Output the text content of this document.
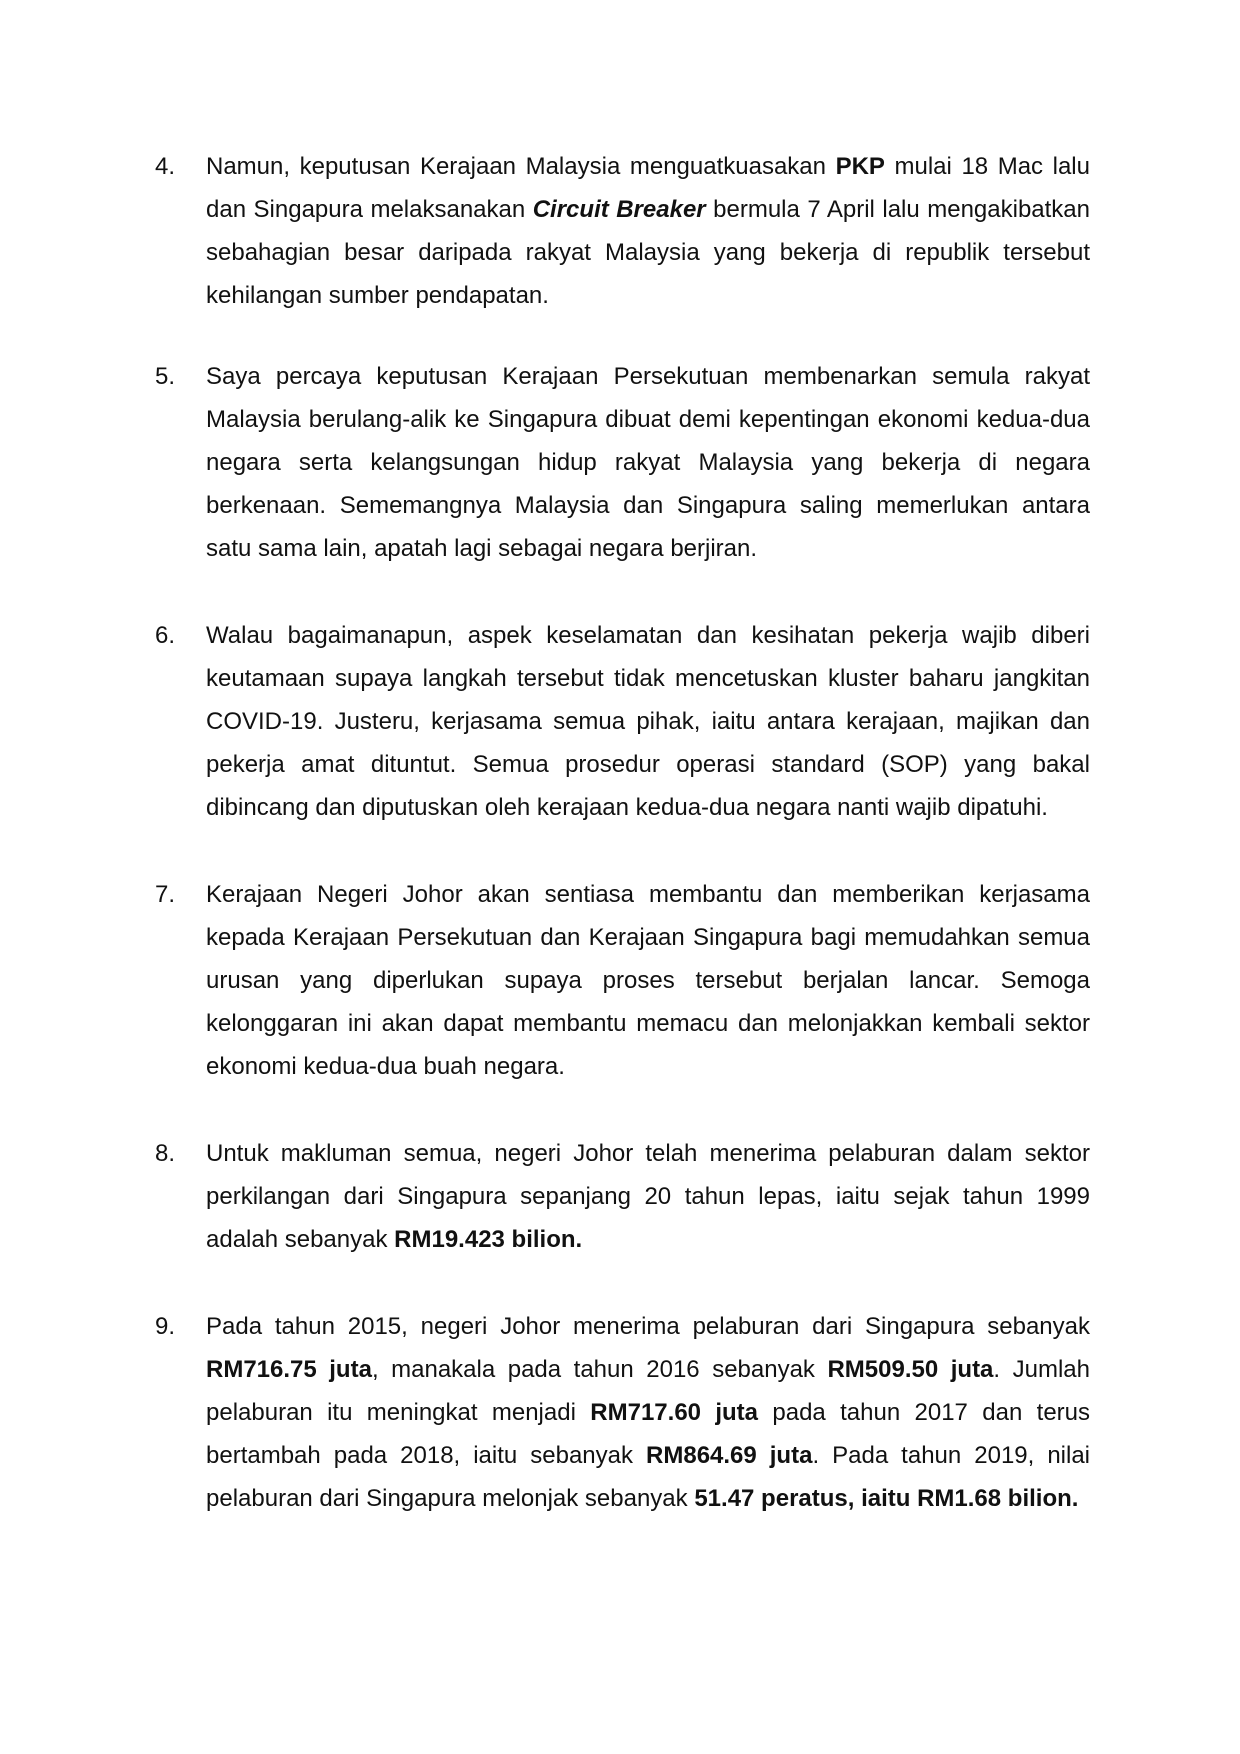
4.	Namun, keputusan Kerajaan Malaysia menguatkuasakan PKP mulai 18 Mac lalu dan Singapura melaksanakan Circuit Breaker bermula 7 April lalu mengakibatkan sebahagian besar daripada rakyat Malaysia yang bekerja di republik tersebut kehilangan sumber pendapatan.
5.	Saya percaya keputusan Kerajaan Persekutuan membenarkan semula rakyat Malaysia berulang-alik ke Singapura dibuat demi kepentingan ekonomi kedua-dua negara serta kelangsungan hidup rakyat Malaysia yang bekerja di negara berkenaan. Sememangnya Malaysia dan Singapura saling memerlukan antara satu sama lain, apatah lagi sebagai negara berjiran.
6.	Walau bagaimanapun, aspek keselamatan dan kesihatan pekerja wajib diberi keutamaan supaya langkah tersebut tidak mencetuskan kluster baharu jangkitan COVID-19. Justeru, kerjasama semua pihak, iaitu antara kerajaan, majikan dan pekerja amat dituntut. Semua prosedur operasi standard (SOP) yang bakal dibincang dan diputuskan oleh kerajaan kedua-dua negara nanti wajib dipatuhi.
7.	Kerajaan Negeri Johor akan sentiasa membantu dan memberikan kerjasama kepada Kerajaan Persekutuan dan Kerajaan Singapura bagi memudahkan semua urusan yang diperlukan supaya proses tersebut berjalan lancar. Semoga kelonggaran ini akan dapat membantu memacu dan melonjakkan kembali sektor ekonomi kedua-dua buah negara.
8.	Untuk makluman semua, negeri Johor telah menerima pelaburan dalam sektor perkilangan dari Singapura sepanjang 20 tahun lepas, iaitu sejak tahun 1999 adalah sebanyak RM19.423 bilion.
9.	Pada tahun 2015, negeri Johor menerima pelaburan dari Singapura sebanyak RM716.75 juta, manakala pada tahun 2016 sebanyak RM509.50 juta. Jumlah pelaburan itu meningkat menjadi RM717.60 juta pada tahun 2017 dan terus bertambah pada 2018, iaitu sebanyak RM864.69 juta. Pada tahun 2019, nilai pelaburan dari Singapura melonjak sebanyak 51.47 peratus, iaitu RM1.68 bilion.
